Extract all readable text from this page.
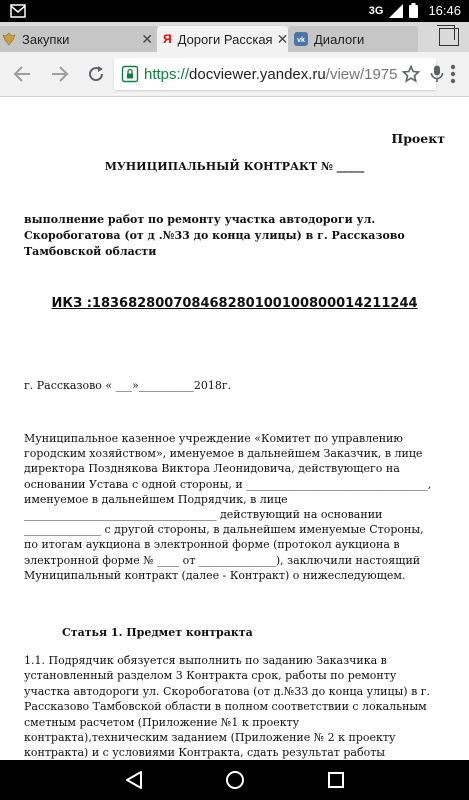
3G	16:46
Закупки	✕ Я Дороги Расская ✕ vk Диалоги
https://docviewer.yandex.ru/view/1975

Проект

МУНИЦИПАЛЬНЫЙ КОНТРАКТ № _____

выполнение работ по ремонту участка автодороги ул.
Скоробогатова (от д .№33 до конца улицы) в г. Рассказово
Тамбовской области

ИКЗ :183682800708468280100100800014211244

г. Рассказово « ___»__________2018г.

Муниципальное казенное учреждение «Комитет по управлению
городским хозяйством», именуемое в дальнейшем Заказчик, в лице
директора Позднякова Виктора Леонидовича, действующего на
основании Устава с одной стороны, и _________________________________,
именуемое в дальнейшем Подрядчик, в лице
___________________________________ действующий на основании
______________ с другой стороны, в дальнейшем именуемые Стороны,
по итогам аукциона в электронной форме (протокол аукциона в
электронной форме № ____ от ______________), заключили настоящий
Муниципальный контракт (далее - Контракт) о нижеследующем.

Статья 1. Предмет контракта

1.1. Подрядчик обязуется выполнить по заданию Заказчика в
установленный разделом 3 Контракта срок, работы по ремонту
участка автодороги ул. Скоробогатова (от д.№33 до конца улицы) в г.
Рассказово Тамбовской области в полном соответствии с локальным
сметным расчетом (Приложение №1 к проекту
контракта),техническим заданием (Приложение № 2 к проекту
контракта) и с условиями Контракта, сдать результат работы
